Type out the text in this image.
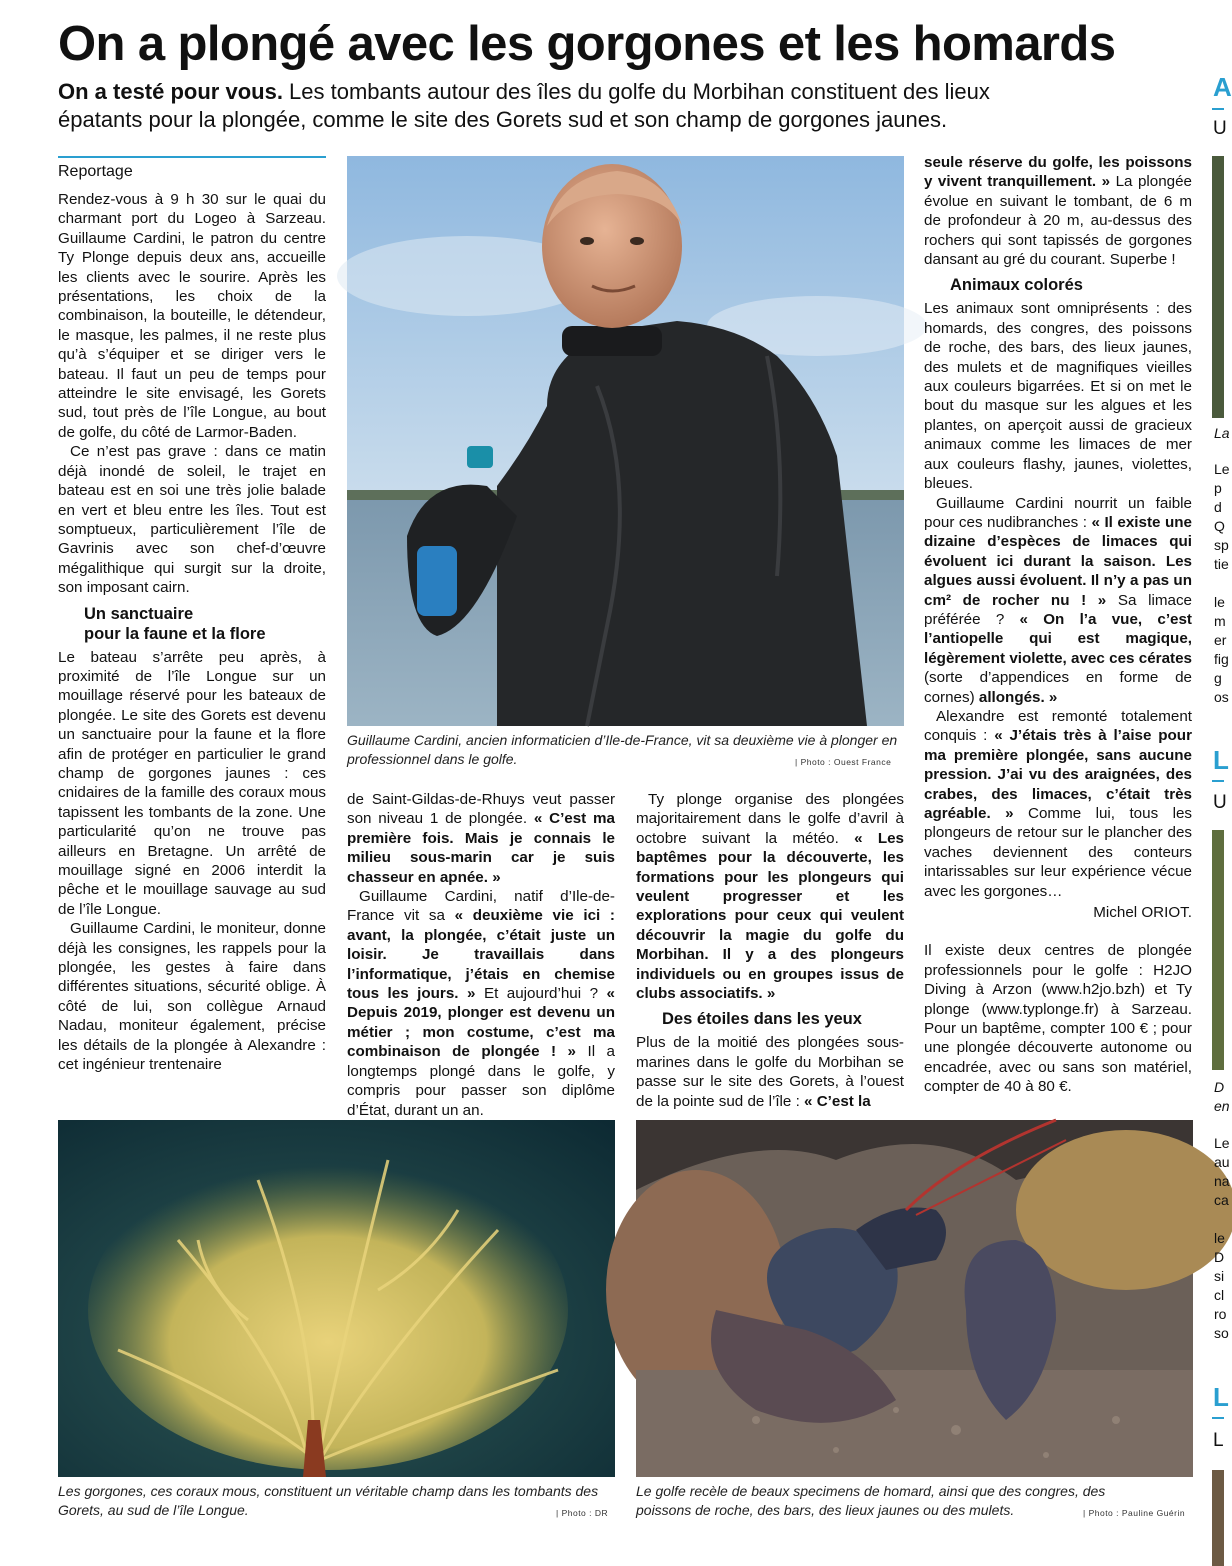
On a plongé avec les gorgones et les homards
On a testé pour vous. Les tombants autour des îles du golfe du Morbihan constituent des lieux épatants pour la plongée, comme le site des Gorets sud et son champ de gorgones jaunes.
Reportage

Rendez-vous à 9 h 30 sur le quai du charmant port du Logeo à Sarzeau. Guillaume Cardini, le patron du centre Ty Plonge depuis deux ans, accueille les clients avec le sourire. Après les présentations, les choix de la combinaison, la bouteille, le détendeur, le masque, les palmes, il ne reste plus qu’à s’équiper et se diriger vers le bateau. Il faut un peu de temps pour atteindre le site envisagé, les Gorets sud, tout près de l’île Longue, au bout de golfe, du côté de Larmor-Baden.

Ce n’est pas grave : dans ce matin déjà inondé de soleil, le trajet en bateau est en soi une très jolie balade en vert et bleu entre les îles. Tout est somptueux, particulièrement l’île de Gavrinis avec son chef-d’œuvre mégalithique qui surgit sur la droite, son imposant cairn.

Un sanctuaire
pour la faune et la flore

Le bateau s’arrête peu après, à proximité de l’île Longue sur un mouillage réservé pour les bateaux de plongée. Le site des Gorets est devenu un sanctuaire pour la faune et la flore afin de protéger en particulier le grand champ de gorgones jaunes : ces cnidaires de la famille des coraux mous tapissent les tombants de la zone. Une particularité qu’on ne trouve pas ailleurs en Bretagne. Un arrêté de mouillage signé en 2006 interdit la pêche et le mouillage sauvage au sud de l’île Longue.

Guillaume Cardini, le moniteur, donne déjà les consignes, les rappels pour la plongée, les gestes à faire dans différentes situations, sécurité oblige. À côté de lui, son collègue Arnaud Nadau, moniteur également, précise les détails de la plongée à Alexandre : cet ingénieur trentenaire

Guillaume Cardini, ancien informaticien d’Ile-de-France, vit sa deuxième vie à plonger en professionnel dans le golfe.	| Photo : Ouest France

de Saint-Gildas-de-Rhuys veut passer son niveau 1 de plongée. « C’est ma première fois. Mais je connais le milieu sous-marin car je suis chasseur en apnée. »

Guillaume Cardini, natif d’Ile-de-France vit sa « deuxième vie ici : avant, la plongée, c’était juste un loisir. Je travaillais dans l’informatique, j’étais en chemise tous les jours. » Et aujourd’hui ? « Depuis 2019, plonger est devenu un métier ; mon costume, c’est ma combinaison de plongée ! » Il a longtemps plongé dans le golfe, y compris pour passer son diplôme d’État, durant un an.

Ty plonge organise des plongées majoritairement dans le golfe d’avril à octobre suivant la météo. « Les baptêmes pour la découverte, les formations pour les plongeurs qui veulent progresser et les explorations pour ceux qui veulent découvrir la magie du golfe du Morbihan. Il y a des plongeurs individuels ou en groupes issus de clubs associatifs. »

Des étoiles dans les yeux

Plus de la moitié des plongées sous-marines dans le golfe du Morbihan se passe sur le site des Gorets, à l’ouest de la pointe sud de l’île : « C’est la

seule réserve du golfe, les poissons y vivent tranquillement. » La plongée évolue en suivant le tombant, de 6 m de profondeur à 20 m, au-dessus des rochers qui sont tapissés de gorgones dansant au gré du courant. Superbe !

Animaux colorés

Les animaux sont omniprésents : des homards, des congres, des poissons de roche, des bars, des lieux jaunes, des mulets et de magnifiques vieilles aux couleurs bigarrées. Et si on met le bout du masque sur les algues et les plantes, on aperçoit aussi de gracieux animaux comme les limaces de mer aux couleurs flashy, jaunes, violettes, bleues.

Guillaume Cardini nourrit un faible pour ces nudibranches : « Il existe une dizaine d’espèces de limaces qui évoluent ici durant la saison. Les algues aussi évoluent. Il n’y a pas un cm² de rocher nu ! » Sa limace préférée ? « On l’a vue, c’est l’antiopelle qui est magique, légèrement violette, avec ces cérates (sorte d’appendices en forme de cornes) allongés. »

Alexandre est remonté totalement conquis : « J’étais très à l’aise pour ma première plongée, sans aucune pression. J’ai vu des araignées, des crabes, des limaces, c’était très agréable. » Comme lui, tous les plongeurs de retour sur le plancher des vaches deviennent des conteurs intarissables sur leur expérience vécue avec les gorgones…

Michel ORIOT.

Il existe deux centres de plongée professionnels pour le golfe : H2JO Diving à Arzon (www.h2jo.bzh) et Ty plonge (www.typlonge.fr) à Sarzeau. Pour un baptême, compter 100 € ; pour une plongée découverte autonome ou encadrée, avec ou sans son matériel, compter de 40 à 80 €.

Les gorgones, ces coraux mous, constituent un véritable champ dans les tombants des Gorets, au sud de l’île Longue.	| Photo : DR
Le golfe recèle de beaux specimens de homard, ainsi que des congres, des poissons de roche, des bars, des lieux jaunes ou des mulets.	| Photo : Pauline Guérin
A
U
La
Le
p
d
Q
sp
tie
le
m
er
fig
g
os
L
U
D
en
Le
au
na
ca
le
D
si
cl
ro
so
L
L
